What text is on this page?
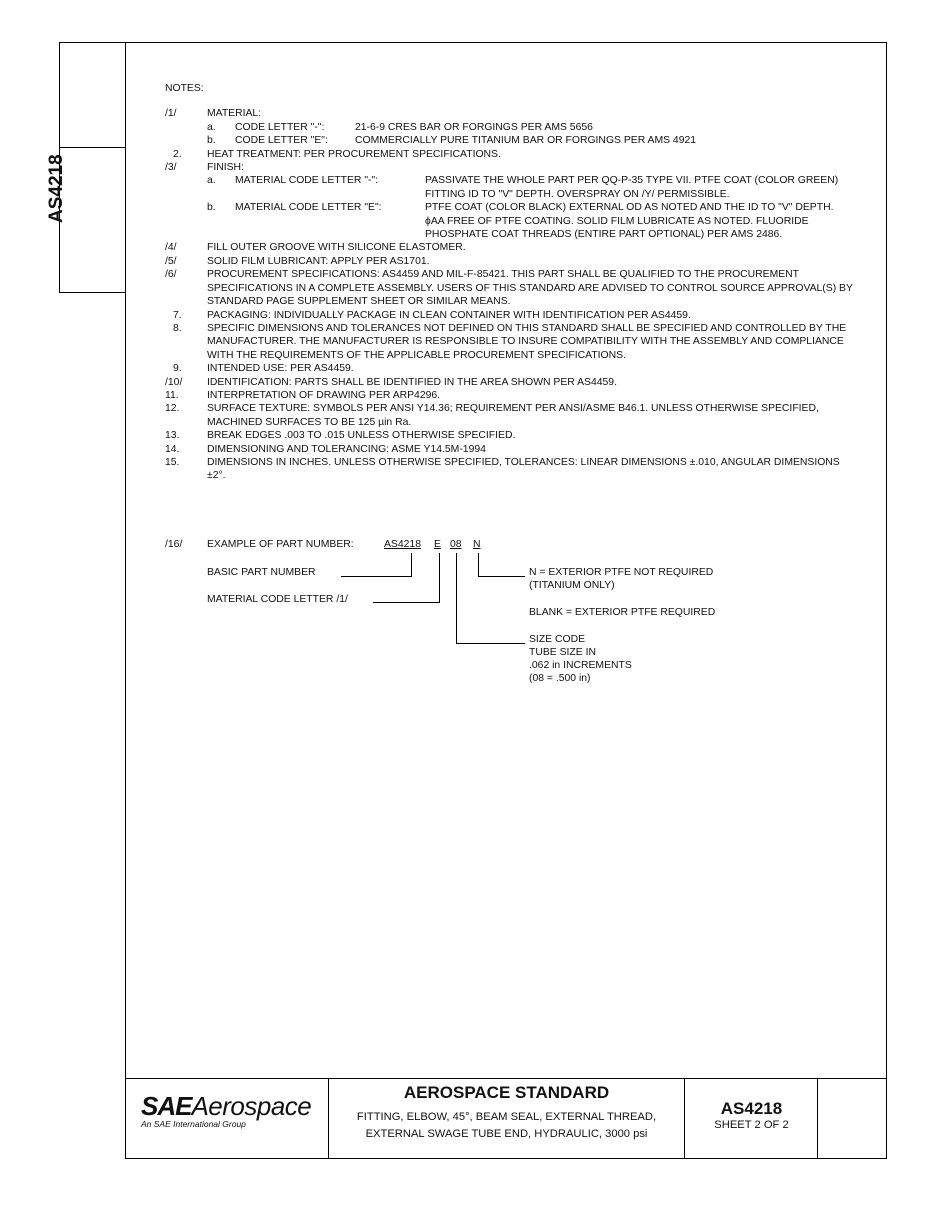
AS4218
NOTES:
/1/	MATERIAL:
a.	CODE LETTER "-":	21-6-9 CRES BAR OR FORGINGS PER AMS 5656
b.	CODE LETTER "E":	COMMERCIALLY PURE TITANIUM BAR OR FORGINGS PER AMS 4921
2.	HEAT TREATMENT: PER PROCUREMENT SPECIFICATIONS.
/3/	FINISH:
a.	MATERIAL CODE LETTER "-":	PASSIVATE THE WHOLE PART PER QQ-P-35 TYPE VII. PTFE COAT (COLOR GREEN) FITTING ID TO "V" DEPTH. OVERSPRAY ON /Y/ PERMISSIBLE.
b.	MATERIAL CODE LETTER "E":	PTFE COAT (COLOR BLACK) EXTERNAL OD AS NOTED AND THE ID TO "V" DEPTH. ϕAA FREE OF PTFE COATING. SOLID FILM LUBRICATE AS NOTED. FLUORIDE PHOSPHATE COAT THREADS (ENTIRE PART OPTIONAL) PER AMS 2486.
/4/	FILL OUTER GROOVE WITH SILICONE ELASTOMER.
/5/	SOLID FILM LUBRICANT: APPLY PER AS1701.
/6/	PROCUREMENT SPECIFICATIONS: AS4459 AND MIL-F-85421. THIS PART SHALL BE QUALIFIED TO THE PROCUREMENT SPECIFICATIONS IN A COMPLETE ASSEMBLY. USERS OF THIS STANDARD ARE ADVISED TO CONTROL SOURCE APPROVAL(S) BY STANDARD PAGE SUPPLEMENT SHEET OR SIMILAR MEANS.
7.	PACKAGING: INDIVIDUALLY PACKAGE IN CLEAN CONTAINER WITH IDENTIFICATION PER AS4459.
8.	SPECIFIC DIMENSIONS AND TOLERANCES NOT DEFINED ON THIS STANDARD SHALL BE SPECIFIED AND CONTROLLED BY THE MANUFACTURER. THE MANUFACTURER IS RESPONSIBLE TO INSURE COMPATIBILITY WITH THE ASSEMBLY AND COMPLIANCE WITH THE REQUIREMENTS OF THE APPLICABLE PROCUREMENT SPECIFICATIONS.
9.	INTENDED USE: PER AS4459.
/10/	IDENTIFICATION: PARTS SHALL BE IDENTIFIED IN THE AREA SHOWN PER AS4459.
11.	INTERPRETATION OF DRAWING PER ARP4296.
12.	SURFACE TEXTURE: SYMBOLS PER ANSI Y14.36; REQUIREMENT PER ANSI/ASME B46.1. UNLESS OTHERWISE SPECIFIED, MACHINED SURFACES TO BE 125 µin Ra.
13.	BREAK EDGES .003 TO .015 UNLESS OTHERWISE SPECIFIED.
14.	DIMENSIONING AND TOLERANCING: ASME Y14.5M-1994
15.	DIMENSIONS IN INCHES. UNLESS OTHERWISE SPECIFIED, TOLERANCES: LINEAR DIMENSIONS ±.010, ANGULAR DIMENSIONS ±2°.
/16/ EXAMPLE OF PART NUMBER:	AS4218 E 08 N
BASIC PART NUMBER
MATERIAL CODE LETTER /1/
N = EXTERIOR PTFE NOT REQUIRED
(TITANIUM ONLY)
BLANK = EXTERIOR PTFE REQUIRED
SIZE CODE
TUBE SIZE IN
.062 in INCREMENTS
(08 = .500 in)
SAEAerospace
An SAE International Group
AEROSPACE STANDARD
FITTING, ELBOW, 45°, BEAM SEAL, EXTERNAL THREAD,
EXTERNAL SWAGE TUBE END, HYDRAULIC, 3000 psi
AS4218
SHEET 2 OF 2
